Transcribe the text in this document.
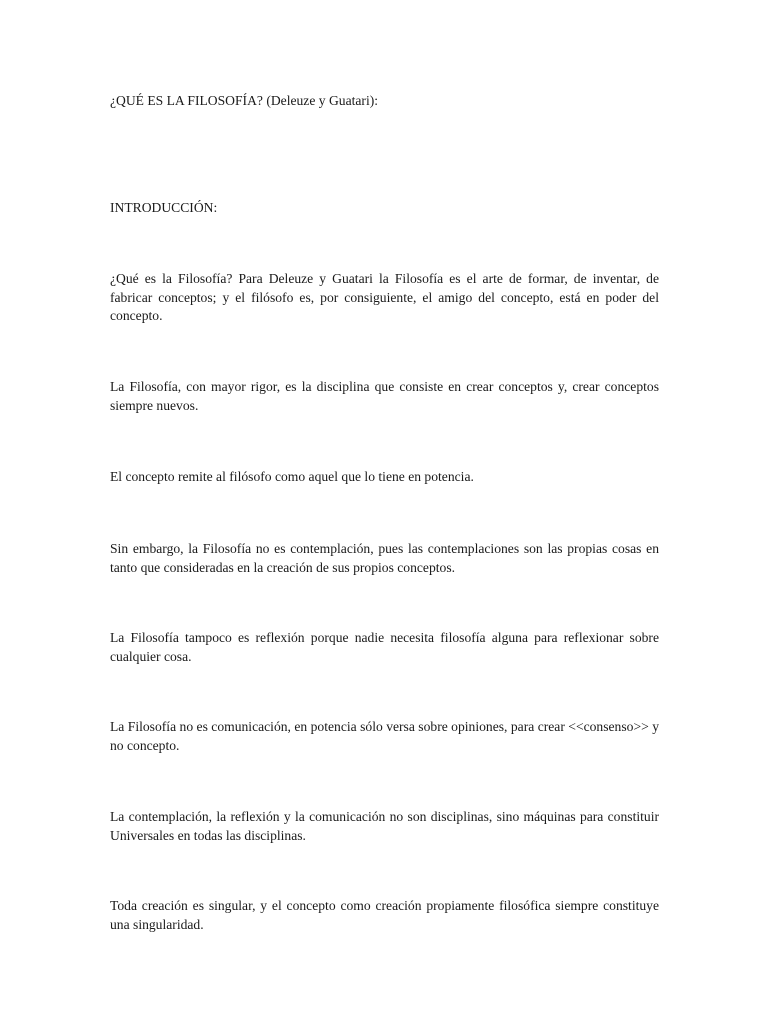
¿QUÉ ES LA FILOSOFÍA? (Deleuze y Guatari):

INTRODUCCIÓN:

¿Qué es la Filosofía? Para Deleuze y Guatari la Filosofía es el arte de formar, de inventar, de fabricar conceptos; y el filósofo es, por consiguiente, el amigo del concepto, está en poder del concepto.

La Filosofía, con mayor rigor, es la disciplina que consiste en crear conceptos y, crear conceptos siempre nuevos.

El concepto remite al filósofo como aquel que lo tiene en potencia.

Sin embargo, la Filosofía no es contemplación, pues las contemplaciones son las propias cosas en tanto que consideradas en la creación de sus propios conceptos.

La Filosofía tampoco es reflexión porque nadie necesita filosofía alguna para reflexionar sobre cualquier cosa.

La Filosofía no es comunicación, en potencia sólo versa sobre opiniones, para crear <<consenso>> y no concepto.

La contemplación, la reflexión y la comunicación no son disciplinas, sino máquinas para constituir Universales en todas las disciplinas.

Toda creación es singular, y el concepto como creación propiamente filosófica siempre constituye una singularidad.
